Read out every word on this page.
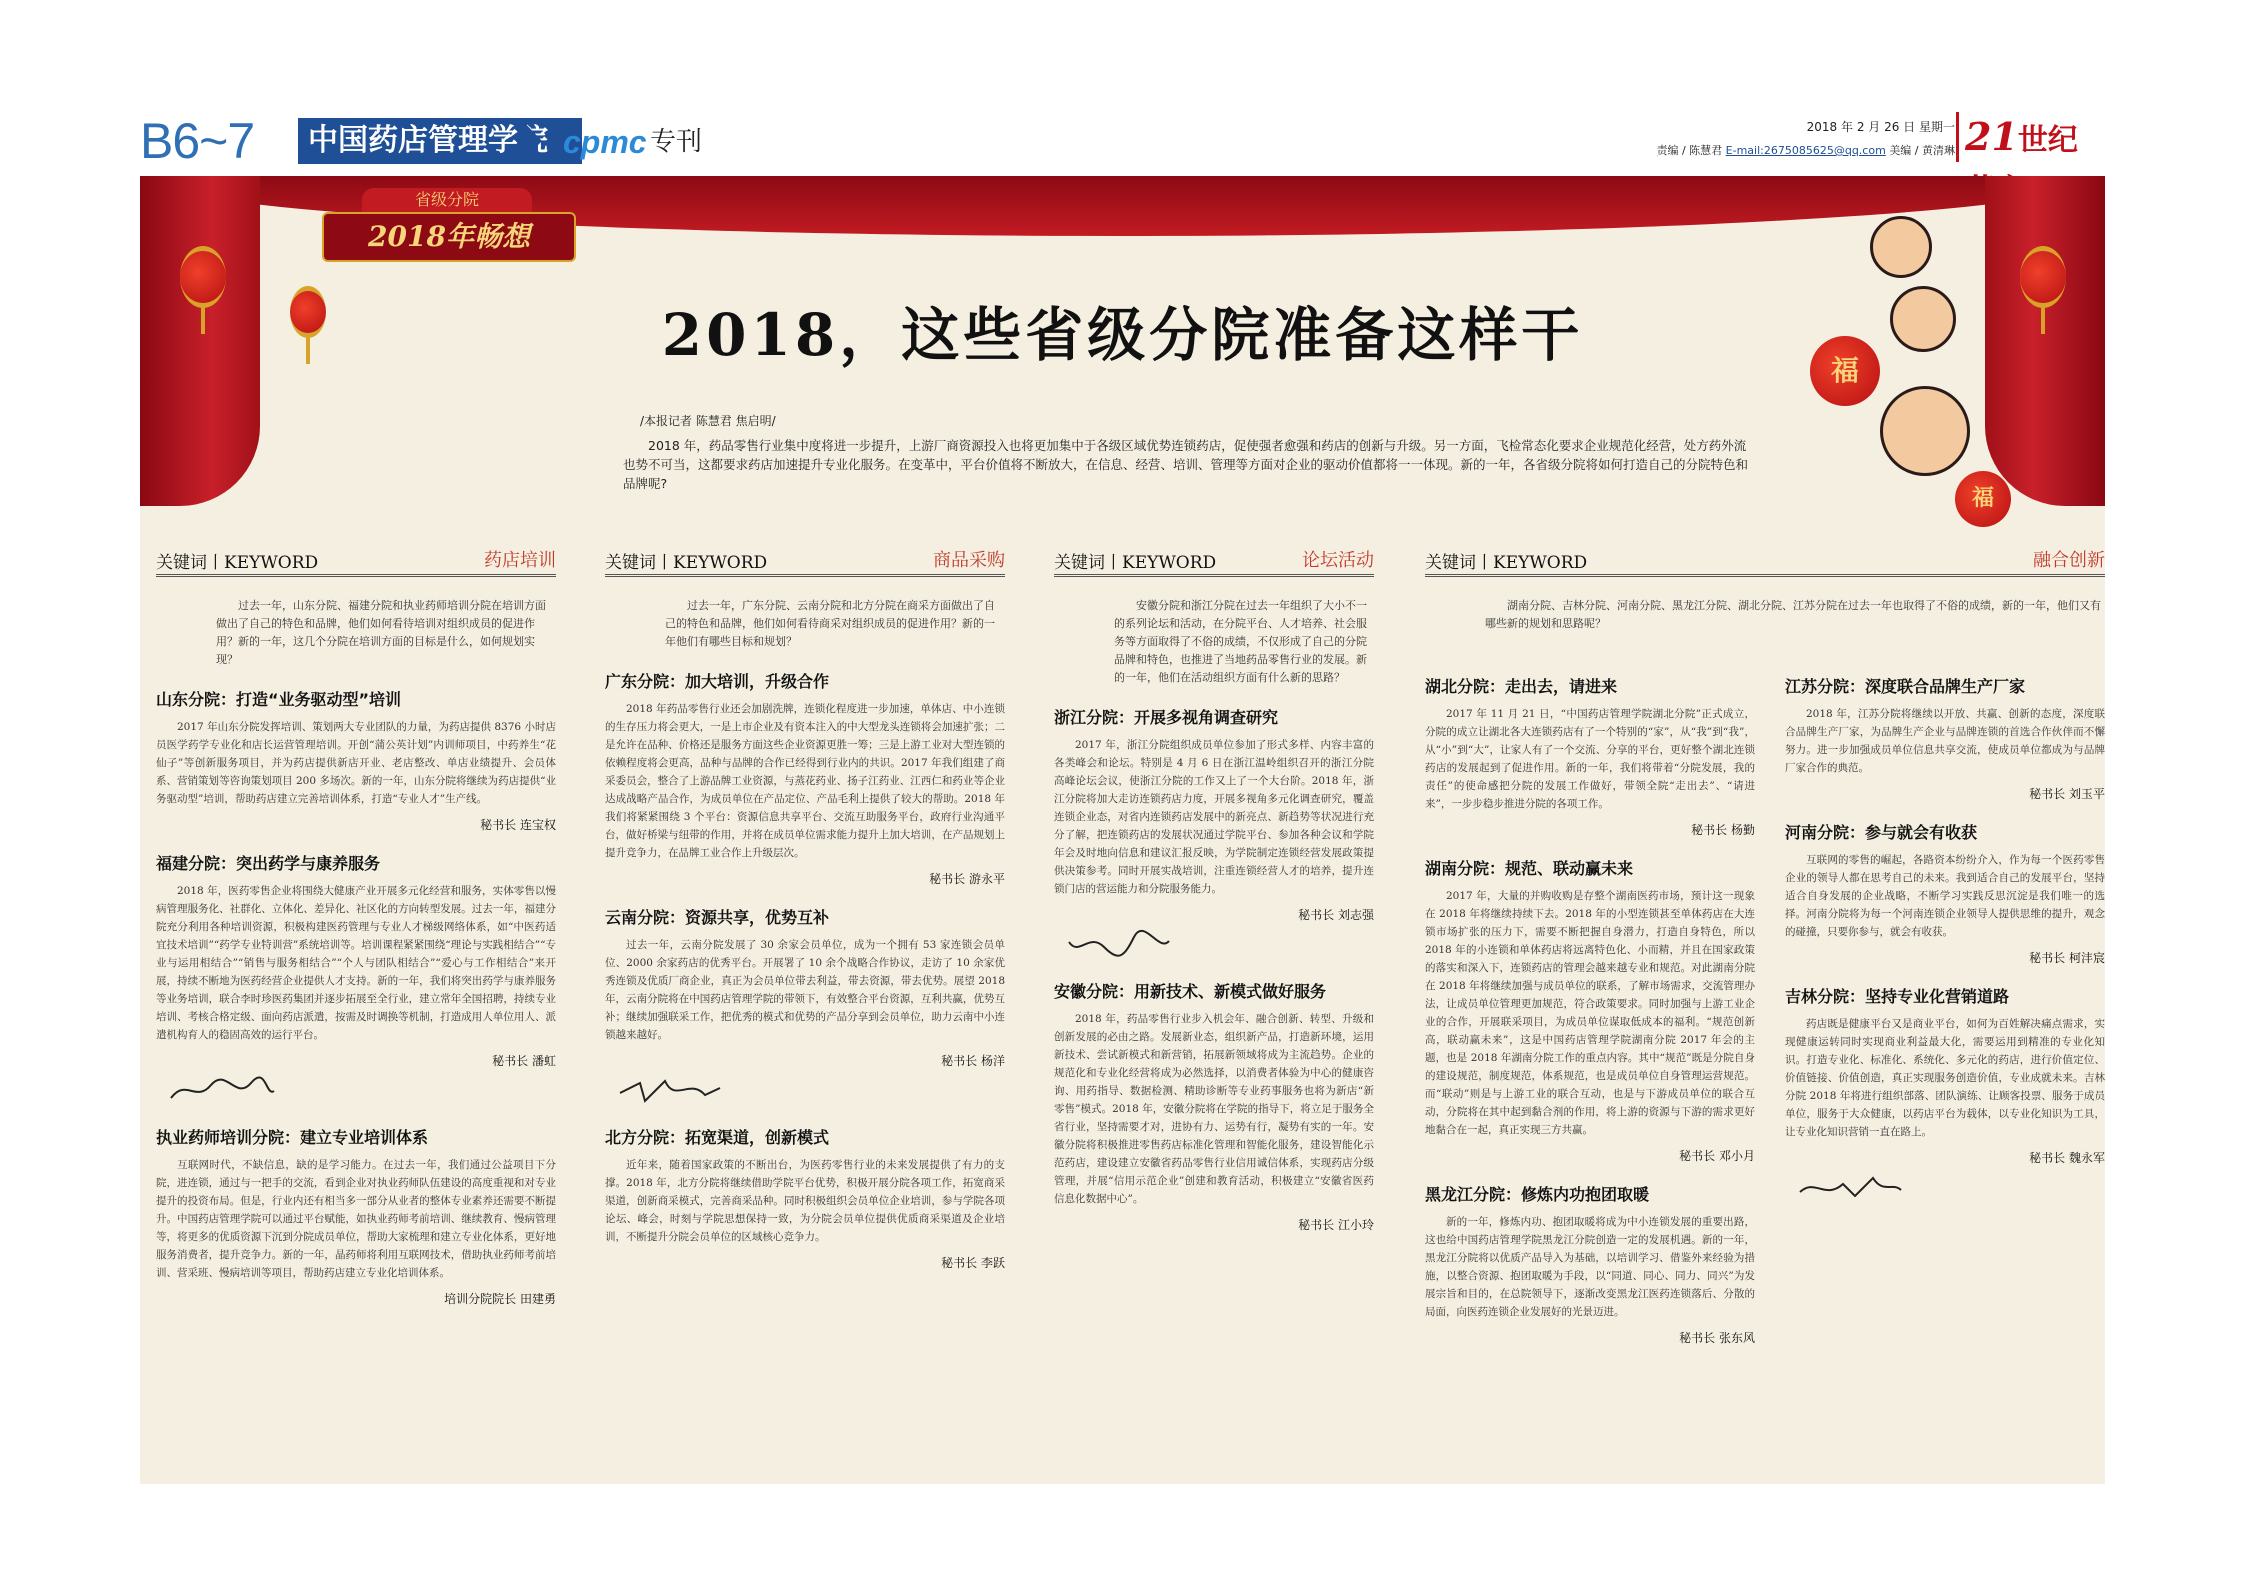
B6~7	中国药店管理学院 cpmc 专刊	2018 年 2 月 26 日 星期一
责编 / 陈慧君 E-mail:2675085625@qq.com 美编 / 黄清琳 21世纪
省级分院
2018年畅想
福
福
2018，这些省级分院准备这样干
/本报记者 陈慧君 焦启明/

2018 年，药品零售行业集中度将进一步提升，上游厂商资源投入也将更加集中于各级区域优势连锁药店，促使强者愈强和药店的创新与升级。另一方面，飞检常态化要求企业规范化经营，处方药外流也势不可当，这都要求药店加速提升专业化服务。在变革中，平台价值将不断放大，在信息、经营、培训、管理等方面对企业的驱动价值都将一一体现。新的一年，各省级分院将如何打造自己的分院特色和品牌呢?

关键词丨KEYWORD	药店培训

过去一年，山东分院、福建分院和执业药师培训分院在培训方面做出了自己的特色和品牌，他们如何看待培训对组织成员的促进作用？新的一年，这几个分院在培训方面的目标是什么，如何规划实现？

山东分院：打造“业务驱动型”培训

2017 年山东分院发挥培训、策划两大专业团队的力量，为药店提供 8376 小时店员医学药学专业化和店长运营管理培训。开创“蒲公英计划”内训师项目，中药养生“花仙子”等创新服务项目，并为药店提供新店开业、老店整改、单店业绩提升、会员体系、营销策划等咨询策划项目 200 多场次。新的一年，山东分院将继续为药店提供“业务驱动型”培训，帮助药店建立完善培训体系，打造“专业人才”生产线。

秘书长 连宝权
福建分院：突出药学与康养服务

2018 年，医药零售企业将围绕大健康产业开展多元化经营和服务，实体零售以慢病管理服务化、社群化、立体化、差异化、社区化的方向转型发展。过去一年，福建分院充分利用各种培训资源，积极构建医药管理与专业人才梯级网络体系，如“中医药适宜技术培训”“药学专业特训营”系统培训等。培训课程紧紧围绕“理论与实践相结合”“专业与运用相结合”“销售与服务相结合”“个人与团队相结合”“爱心与工作相结合”来开展，持续不断地为医药经营企业提供人才支持。新的一年，我们将突出药学与康养服务等业务培训，联合李时珍医药集团并逐步拓展至全行业，建立常年全国招聘，持续专业培训、考核合格定级、面向药店派遣，按需及时调换等机制，打造成用人单位用人、派遣机构育人的稳固高效的运行平台。

秘书长 潘虹
执业药师培训分院：建立专业培训体系

互联网时代，不缺信息，缺的是学习能力。在过去一年，我们通过公益项目下分院，进连锁，通过与一把手的交流，看到企业对执业药师队伍建设的高度重视和对专业提升的投资布局。但是，行业内还有相当多一部分从业者的整体专业素养还需要不断提升。中国药店管理学院可以通过平台赋能，如执业药师考前培训、继续教育、慢病管理等，将更多的优质资源下沉到分院成员单位，帮助大家梳理和建立专业化体系，更好地服务消费者，提升竞争力。新的一年，晶药师将利用互联网技术，借助执业药师考前培训、营采班、慢病培训等项目，帮助药店建立专业化培训体系。

培训分院院长 田建勇
关键词丨KEYWORD	商品采购

过去一年，广东分院、云南分院和北方分院在商采方面做出了自己的特色和品牌，他们如何看待商采对组织成员的促进作用？新的一年他们有哪些目标和规划？

广东分院：加大培训，升级合作

2018 年药品零售行业还会加剧洗牌，连锁化程度进一步加速，单体店、中小连锁的生存压力将会更大，一是上市企业及有资本注入的中大型龙头连锁将会加速扩张；二是允许在品种、价格还是服务方面这些企业资源更胜一筹；三是上游工业对大型连锁的依赖程度将会更高，品种与品牌的合作已经得到行业内的共识。2017 年我们组建了商采委员会，整合了上游品牌工业资源，与蒸花药业、扬子江药业、江西仁和药业等企业达成战略产品合作，为成员单位在产品定位、产品毛利上提供了较大的帮助。2018 年我们将紧紧围绕 3 个平台：资源信息共享平台、交流互助服务平台，政府行业沟通平台，做好桥梁与纽带的作用，并将在成员单位需求能力提升上加大培训，在产品规划上提升竞争力，在品牌工业合作上升级层次。

秘书长 游永平
云南分院：资源共享，优势互补

过去一年，云南分院发展了 30 余家会员单位，成为一个拥有 53 家连锁会员单位、2000 余家药店的优秀平台。开展署了 10 余个战略合作协议，走访了 10 余家优秀连锁及优质厂商企业，真正为会员单位带去利益，带去资源，带去优势。展望 2018 年，云南分院将在中国药店管理学院的带领下，有效整合平台资源，互利共赢，优势互补；继续加强联采工作，把优秀的模式和优势的产品分享到会员单位，助力云南中小连锁越来越好。

秘书长 杨洋
北方分院：拓宽渠道，创新模式

近年来，随着国家政策的不断出台，为医药零售行业的未来发展提供了有力的支撑。2018 年，北方分院将继续借助学院平台优势，积极开展分院各项工作，拓宽商采渠道，创新商采模式，完善商采品种。同时积极组织会员单位企业培训，参与学院各项论坛、峰会，时刻与学院思想保持一致，为分院会员单位提供优质商采渠道及企业培训，不断提升分院会员单位的区域核心竞争力。

秘书长 李跃
关键词丨KEYWORD	论坛活动

安徽分院和浙江分院在过去一年组织了大小不一的系列论坛和活动，在分院平台、人才培养、社会服务等方面取得了不俗的成绩，不仅形成了自己的分院品牌和特色，也推进了当地药品零售行业的发展。新的一年，他们在活动组织方面有什么新的思路？

浙江分院：开展多视角调查研究

2017 年，浙江分院组织成员单位参加了形式多样、内容丰富的各类峰会和论坛。特别是 4 月 6 日在浙江温岭组织召开的浙江分院高峰论坛会议，使浙江分院的工作又上了一个大台阶。2018 年，浙江分院将加大走访连锁药店力度，开展多视角多元化调查研究，覆盖连锁企业态，对省内连锁药店发展中的新亮点、新趋势等状况进行充分了解，把连锁药店的发展状况通过学院平台、参加各种会议和学院年会及时地向信息和建议汇报反映，为学院制定连锁经营发展政策提供决策参考。同时开展实战培训，注重连锁经营人才的培养，提升连锁门店的营运能力和分院服务能力。

秘书长 刘志强
安徽分院：用新技术、新模式做好服务

2018 年，药品零售行业步入机会年、融合创新、转型、升级和创新发展的必由之路。发展新业态，组织新产品，打造新环境，运用新技术、尝试新模式和新营销，拓展新领域将成为主流趋势。企业的规范化和专业化经营将成为必然选择，以消费者体验为中心的健康咨询、用药指导、数据检测、精助诊断等专业药事服务也将为新店“新零售”模式。2018 年，安徽分院将在学院的指导下，将立足于服务全省行业，坚持需要才对，进协有力、运势有行，凝势有实的一年。安徽分院将积极推进零售药店标准化管理和智能化服务，建设智能化示范药店，建设建立安徽省药品零售行业信用诚信体系，实现药店分级管理，并展“信用示范企业”创建和教育活动，积极建立“安徽省医药信息化数据中心”。

秘书长 江小玲
关键词丨KEYWORD	融合创新

湖南分院、吉林分院、河南分院、黑龙江分院、湖北分院、江苏分院在过去一年也取得了不俗的成绩，新的一年，他们又有哪些新的规划和思路呢？

湖北分院：走出去，请进来

2017 年 11 月 21 日，“中国药店管理学院湖北分院”正式成立，分院的成立让湖北各大连锁药店有了一个特别的“家”，从“我”到“我”，从“小”到“大”，让家人有了一个交流、分享的平台，更好整个湖北连锁药店的发展起到了促进作用。新的一年，我们将带着“分院发展，我的责任”的使命感把分院的发展工作做好，带领全院“走出去”、“请进来”，一步步稳步推进分院的各项工作。

秘书长 杨勤
湖南分院：规范、联动赢未来

2017 年，大量的并购收购是存整个湖南医药市场，预计这一现象在 2018 年将继续持续下去。2018 年的小型连锁甚至单体药店在大连锁市场扩张的压力下，需要不断把握自身潜力，打造自身特色，所以 2018 年的小连锁和单体药店将远离特色化、小而精，并且在国家政策的落实和深入下，连锁药店的管理会越来越专业和规范。对此湖南分院在 2018 年将继续加强与成员单位的联系，了解市场需求，交流管理办法，让成员单位管理更加规范，符合政策要求。同时加强与上游工业企业的合作，开展联采项目，为成员单位谋取低成本的福利。“规范创新高，联动赢未来”，这是中国药店管理学院湖南分院 2017 年会的主题，也是 2018 年湖南分院工作的重点内容。其中“规范”既是分院自身的建设规范，制度规范，体系规范，也是成员单位自身管理运营规范。而“联动”则是与上游工业的联合互动，也是与下游成员单位的联合互动，分院将在其中起到黏合剂的作用，将上游的资源与下游的需求更好地黏合在一起，真正实现三方共赢。

秘书长 邓小月
黑龙江分院：修炼内功抱团取暖

新的一年，修炼内功、抱团取暖将成为中小连锁发展的重要出路，这也给中国药店管理学院黑龙江分院创造一定的发展机遇。新的一年，黑龙江分院将以优质产品导入为基础，以培训学习、借鉴外来经验为措施，以整合资源、抱团取暖为手段，以“同道、同心、同力、同兴”为发展宗旨和目的，在总院领导下，逐渐改变黑龙江医药连锁落后、分散的局面，向医药连锁企业发展好的光景迈进。

秘书长 张东风
江苏分院：深度联合品牌生产厂家

2018 年，江苏分院将继续以开放、共赢、创新的态度，深度联合品牌生产厂家，为品牌生产企业与品牌连锁的首选合作伙伴而不懈努力。进一步加强成员单位信息共享交流，使成员单位都成为与品牌厂家合作的典范。

秘书长 刘玉平
河南分院：参与就会有收获

互联网的零售的崛起，各路资本纷纷介入，作为每一个医药零售企业的领导人都在思考自己的未来。我到适合自己的发展平台，坚持适合自身发展的企业战略，不断学习实践反思沉淀是我们唯一的选择。河南分院将为每一个河南连锁企业领导人提供思维的提升，观念的碰撞，只要你参与，就会有收获。

秘书长 柯沣宸
吉林分院：坚持专业化营销道路

药店既是健康平台又是商业平台，如何为百姓解决痛点需求，实现健康运转同时实现商业利益最大化，需要运用到精准的专业化知识。打造专业化、标准化、系统化、多元化的药店，进行价值定位、价值链接、价值创造，真正实现服务创造价值，专业成就未来。吉林分院 2018 年将进行组织部落、团队演练、让顾客投票、服务于成员单位，服务于大众健康，以药店平台为载体，以专业化知识为工具，让专业化知识营销一直在路上。

秘书长 魏永军
